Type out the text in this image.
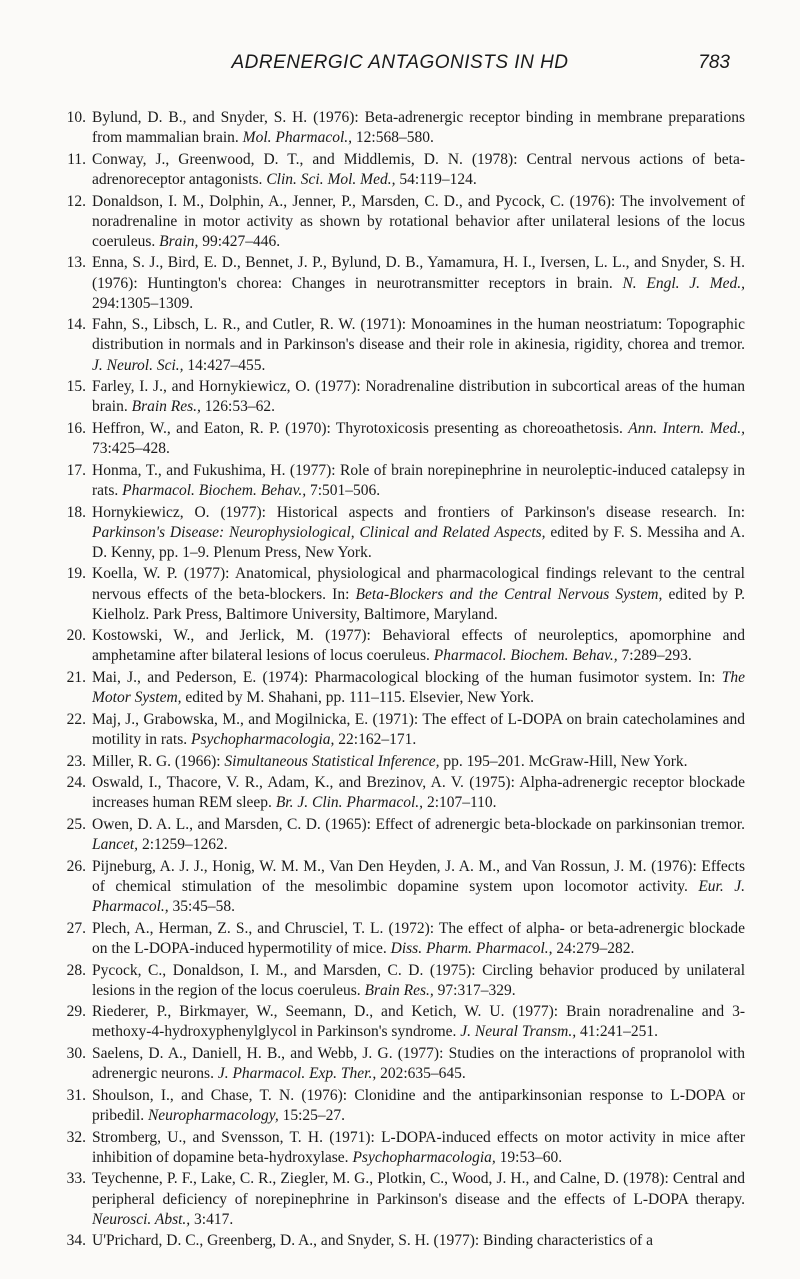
ADRENERGIC ANTAGONISTS IN HD	783
10. Bylund, D. B., and Snyder, S. H. (1976): Beta-adrenergic receptor binding in membrane preparations from mammalian brain. Mol. Pharmacol., 12:568–580.
11. Conway, J., Greenwood, D. T., and Middlemis, D. N. (1978): Central nervous actions of beta-adrenoreceptor antagonists. Clin. Sci. Mol. Med., 54:119–124.
12. Donaldson, I. M., Dolphin, A., Jenner, P., Marsden, C. D., and Pycock, C. (1976): The involvement of noradrenaline in motor activity as shown by rotational behavior after unilateral lesions of the locus coeruleus. Brain, 99:427–446.
13. Enna, S. J., Bird, E. D., Bennet, J. P., Bylund, D. B., Yamamura, H. I., Iversen, L. L., and Snyder, S. H. (1976): Huntington's chorea: Changes in neurotransmitter receptors in brain. N. Engl. J. Med., 294:1305–1309.
14. Fahn, S., Libsch, L. R., and Cutler, R. W. (1971): Monoamines in the human neostriatum: Topographic distribution in normals and in Parkinson's disease and their role in akinesia, rigidity, chorea and tremor. J. Neurol. Sci., 14:427–455.
15. Farley, I. J., and Hornykiewicz, O. (1977): Noradrenaline distribution in subcortical areas of the human brain. Brain Res., 126:53–62.
16. Heffron, W., and Eaton, R. P. (1970): Thyrotoxicosis presenting as choreoathetosis. Ann. Intern. Med., 73:425–428.
17. Honma, T., and Fukushima, H. (1977): Role of brain norepinephrine in neuroleptic-induced catalepsy in rats. Pharmacol. Biochem. Behav., 7:501–506.
18. Hornykiewicz, O. (1977): Historical aspects and frontiers of Parkinson's disease research. In: Parkinson's Disease: Neurophysiological, Clinical and Related Aspects, edited by F. S. Messiha and A. D. Kenny, pp. 1–9. Plenum Press, New York.
19. Koella, W. P. (1977): Anatomical, physiological and pharmacological findings relevant to the central nervous effects of the beta-blockers. In: Beta-Blockers and the Central Nervous System, edited by P. Kielholz. Park Press, Baltimore University, Baltimore, Maryland.
20. Kostowski, W., and Jerlick, M. (1977): Behavioral effects of neuroleptics, apomorphine and amphetamine after bilateral lesions of locus coeruleus. Pharmacol. Biochem. Behav., 7:289–293.
21. Mai, J., and Pederson, E. (1974): Pharmacological blocking of the human fusimotor system. In: The Motor System, edited by M. Shahani, pp. 111–115. Elsevier, New York.
22. Maj, J., Grabowska, M., and Mogilnicka, E. (1971): The effect of L-DOPA on brain catecholamines and motility in rats. Psychopharmacologia, 22:162–171.
23. Miller, R. G. (1966): Simultaneous Statistical Inference, pp. 195–201. McGraw-Hill, New York.
24. Oswald, I., Thacore, V. R., Adam, K., and Brezinov, A. V. (1975): Alpha-adrenergic receptor blockade increases human REM sleep. Br. J. Clin. Pharmacol., 2:107–110.
25. Owen, D. A. L., and Marsden, C. D. (1965): Effect of adrenergic beta-blockade on parkinsonian tremor. Lancet, 2:1259–1262.
26. Pijneburg, A. J. J., Honig, W. M. M., Van Den Heyden, J. A. M., and Van Rossun, J. M. (1976): Effects of chemical stimulation of the mesolimbic dopamine system upon locomotor activity. Eur. J. Pharmacol., 35:45–58.
27. Plech, A., Herman, Z. S., and Chrusciel, T. L. (1972): The effect of alpha- or beta-adrenergic blockade on the L-DOPA-induced hypermotility of mice. Diss. Pharm. Pharmacol., 24:279–282.
28. Pycock, C., Donaldson, I. M., and Marsden, C. D. (1975): Circling behavior produced by unilateral lesions in the region of the locus coeruleus. Brain Res., 97:317–329.
29. Riederer, P., Birkmayer, W., Seemann, D., and Ketich, W. U. (1977): Brain noradrenaline and 3-methoxy-4-hydroxyphenylglycol in Parkinson's syndrome. J. Neural Transm., 41:241–251.
30. Saelens, D. A., Daniell, H. B., and Webb, J. G. (1977): Studies on the interactions of propranolol with adrenergic neurons. J. Pharmacol. Exp. Ther., 202:635–645.
31. Shoulson, I., and Chase, T. N. (1976): Clonidine and the antiparkinsonian response to L-DOPA or pribedil. Neuropharmacology, 15:25–27.
32. Stromberg, U., and Svensson, T. H. (1971): L-DOPA-induced effects on motor activity in mice after inhibition of dopamine beta-hydroxylase. Psychopharmacologia, 19:53–60.
33. Teychenne, P. F., Lake, C. R., Ziegler, M. G., Plotkin, C., Wood, J. H., and Calne, D. (1978): Central and peripheral deficiency of norepinephrine in Parkinson's disease and the effects of L-DOPA therapy. Neurosci. Abst., 3:417.
34. U'Prichard, D. C., Greenberg, D. A., and Snyder, S. H. (1977): Binding characteristics of a
